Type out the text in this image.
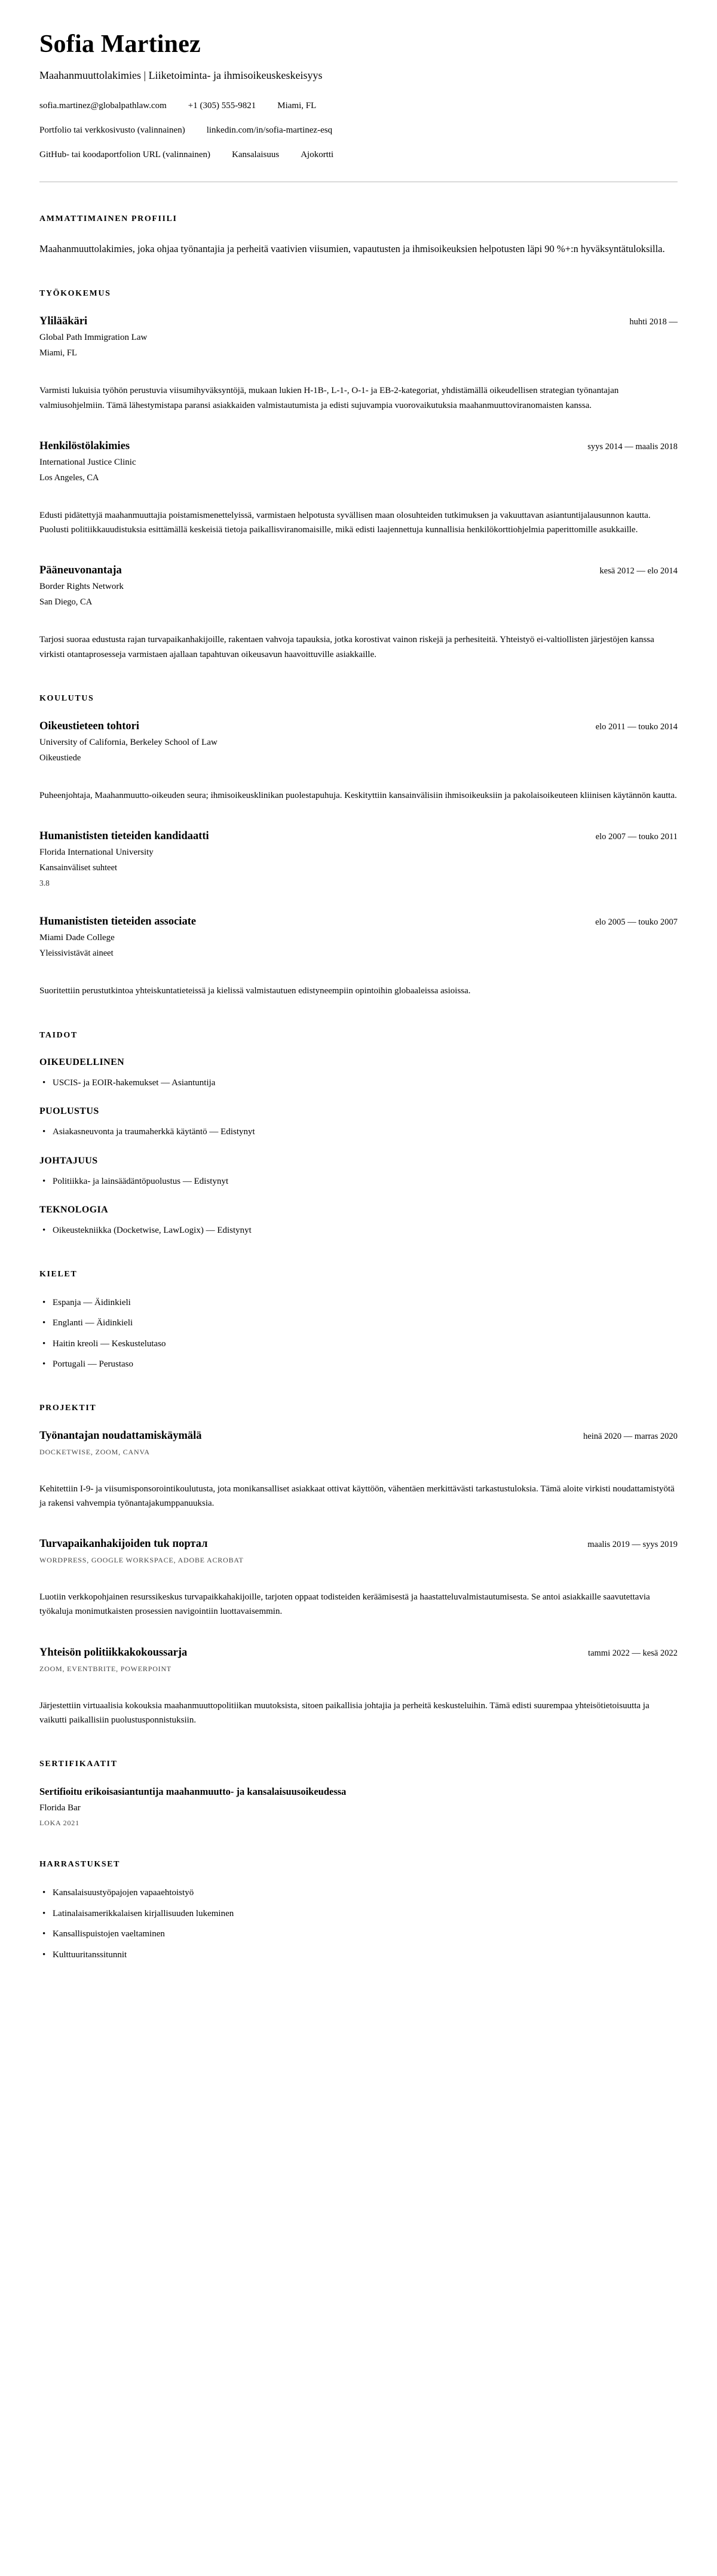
Sofia Martinez

Maahanmuuttolakimies | Liiketoiminta- ja ihmisoikeuskeskeisyys

sofia.martinez@globalpathlaw.com +1 (305) 555-9821 Miami, FL
Portfolio tai verkkosivusto (valinnainen) linkedin.com/in/sofia-martinez-esq
GitHub- tai koodaportfolion URL (valinnainen) Kansalaisuus Ajokortti
AMMATTIMAINEN PROFIILI

Maahanmuuttolakimies, joka ohjaa työnantajia ja perheitä vaativien viisumien, vapautusten ja ihmisoikeuksien helpotusten läpi 90 %+:n hyväksyntätuloksilla.

TYÖKOKEMUS
Ylilääkäri	huhti 2018 —
Global Path Immigration Law
Miami, FL

Varmisti lukuisia työhön perustuvia viisumihyväksyntöjä, mukaan lukien H-1B-, L-1-, O-1- ja EB-2-kategoriat, yhdistämällä oikeudellisen strategian työnantajan valmiusohjelmiin. Tämä lähestymistapa paransi asiakkaiden valmistautumista ja edisti sujuvampia vuorovaikutuksia maahanmuuttoviranomaisten kanssa.

Henkilöstölakimies	syys 2014 — maalis 2018
International Justice Clinic
Los Angeles, CA

Edusti pidätettyjä maahanmuuttajia poistamismenettelyissä, varmistaen helpotusta syvällisen maan olosuhteiden tutkimuksen ja vakuuttavan asiantuntijalausunnon kautta. Puolusti politiikkauudistuksia esittämällä keskeisiä tietoja paikallisviranomaisille, mikä edisti laajennettuja kunnallisia henkilökorttiohjelmia paperittomille asukkaille.

Pääneuvonantaja	kesä 2012 — elo 2014
Border Rights Network
San Diego, CA

Tarjosi suoraa edustusta rajan turvapaikanhakijoille, rakentaen vahvoja tapauksia, jotka korostivat vainon riskejä ja perhesiteitä. Yhteistyö ei-valtiollisten järjestöjen kanssa virkisti otantaprosesseja varmistaen ajallaan tapahtuvan oikeusavun haavoittuville asiakkaille.

KOULUTUS
Oikeustieteen tohtori	elo 2011 — touko 2014
University of California, Berkeley School of Law
Oikeustiede

Puheenjohtaja, Maahanmuutto-oikeuden seura; ihmisoikeusklinikan puolestapuhuja. Keskityttiin kansainvälisiin ihmisoikeuksiin ja pakolaisoikeuteen kliinisen käytännön kautta.

Humanististen tieteiden kandidaatti	elo 2007 — touko 2011
Florida International University
Kansainväliset suhteet
3.8
Humanististen tieteiden associate	elo 2005 — touko 2007
Miami Dade College
Yleissivistävät aineet

Suoritettiin perustutkintoa yhteiskuntatieteissä ja kielissä valmistautuen edistyneempiin opintoihin globaaleissa asioissa.

TAIDOT
OIKEUDELLINEN
• USCIS- ja EOIR-hakemukset — Asiantuntija
PUOLUSTUS
• Asiakasneuvonta ja traumaherkkä käytäntö — Edistynyt
JOHTAJUUS
• Politiikka- ja lainsäädäntöpuolustus — Edistynyt
TEKNOLOGIA
• Oikeustekniikka (Docketwise, LawLogix) — Edistynyt
KIELET
• Espanja — Äidinkieli
• Englanti — Äidinkieli
• Haitin kreoli — Keskustelutaso
• Portugali — Perustaso
PROJEKTIT
Työnantajan noudattamiskäymälä	heinä 2020 — marras 2020
DOCKETWISE, ZOOM, CANVA

Kehitettiin I-9- ja viisumisponsorointikoulutusta, jota monikansalliset asiakkaat ottivat käyttöön, vähentäen merkittävästi tarkastustuloksia. Tämä aloite virkisti noudattamistyötä ja rakensi vahvempia työnantajakumppanuuksia.

Turvapaikanhakijoiden tuk портал	maalis 2019 — syys 2019
WORDPRESS, GOOGLE WORKSPACE, ADOBE ACROBAT

Luotiin verkkopohjainen resurssikeskus turvapaikkahakijoille, tarjoten oppaat todisteiden keräämisestä ja haastatteluvalmistautumisesta. Se antoi asiakkaille saavutettavia työkaluja monimutkaisten prosessien navigointiin luottavaisemmin.

Yhteisön politiikkakokoussarja	tammi 2022 — kesä 2022
ZOOM, EVENTBRITE, POWERPOINT

Järjestettiin virtuaalisia kokouksia maahanmuuttopolitiikan muutoksista, sitoen paikallisia johtajia ja perheitä keskusteluihin. Tämä edisti suurempaa yhteisötietoisuutta ja vaikutti paikallisiin puolustusponnistuksiin.

SERTIFIKAATIT
Sertifioitu erikoisasiantuntija maahanmuutto- ja kansalaisuusoikeudessa
Florida Bar
LOKA 2021
HARRASTUKSET
• Kansalaisuustyöpajojen vapaaehtoistyö
• Latinalaisamerikkalaisen kirjallisuuden lukeminen
• Kansallispuistojen vaeltaminen
• Kulttuuritanssitunnit
